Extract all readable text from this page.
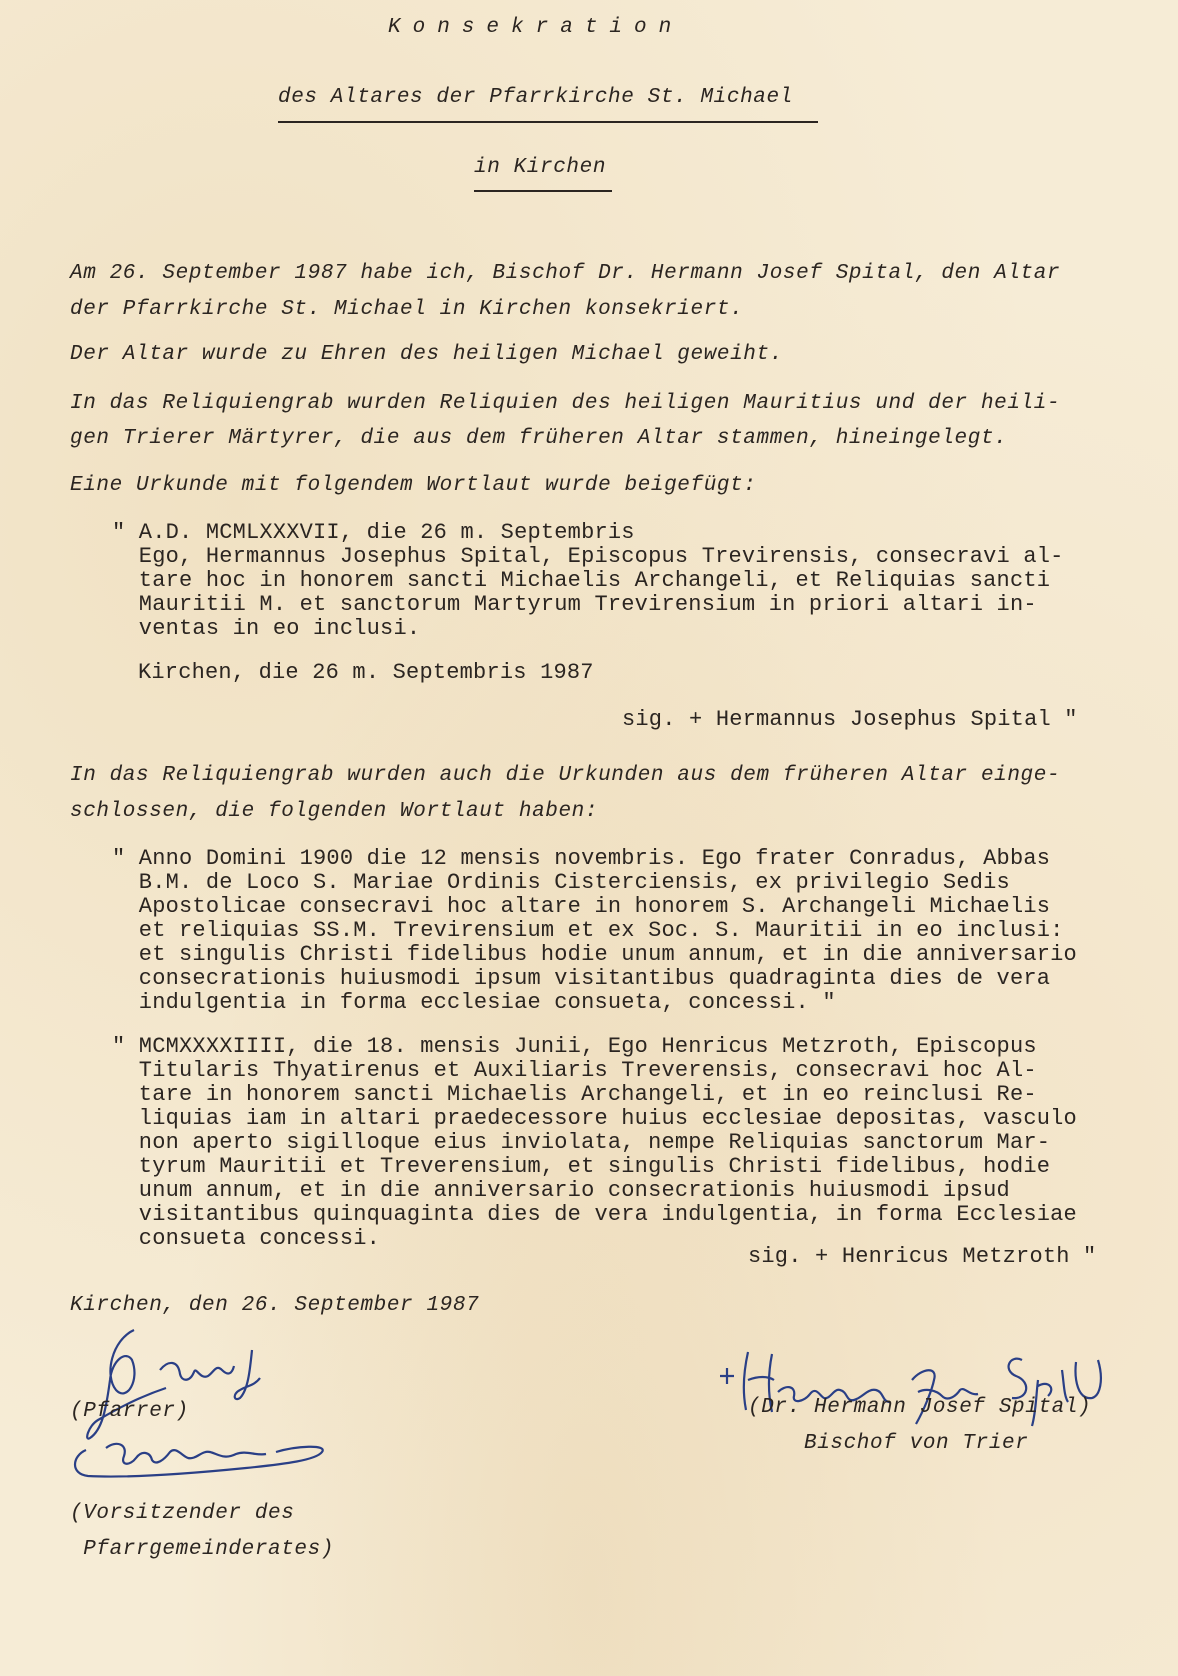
Konsekration
des Altares der Pfarrkirche St. Michael
in Kirchen
Am 26. September 1987 habe ich, Bischof Dr. Hermann Josef Spital, den Altar
der Pfarrkirche St. Michael in Kirchen konsekriert.
Der Altar wurde zu Ehren des heiligen Michael geweiht.
In das Reliquiengrab wurden Reliquien des heiligen Mauritius und der heili-
gen Trierer Märtyrer, die aus dem früheren Altar stammen, hineingelegt.
Eine Urkunde mit folgendem Wortlaut wurde beigefügt:
" A.D. MCMLXXXVII, die 26 m. Septembris
Ego, Hermannus Josephus Spital, Episcopus Trevirensis, consecravi al-
tare hoc in honorem sancti Michaelis Archangeli, et Reliquias sancti
Mauritii M. et sanctorum Martyrum Trevirensium in priori altari in-
ventas in eo inclusi.
Kirchen, die 26 m. Septembris 1987
sig. + Hermannus Josephus Spital "
In das Reliquiengrab wurden auch die Urkunden aus dem früheren Altar einge-
schlossen, die folgenden Wortlaut haben:
" Anno Domini 1900 die 12 mensis novembris. Ego frater Conradus, Abbas
B.M. de Loco S. Mariae Ordinis Cisterciensis, ex privilegio Sedis
Apostolicae consecravi hoc altare in honorem S. Archangeli Michaelis
et reliquias SS.M. Trevirensium et ex Soc. S. Mauritii in eo inclusi:
et singulis Christi fidelibus hodie unum annum, et in die anniversario
consecrationis huiusmodi ipsum visitantibus quadraginta dies de vera
indulgentia in forma ecclesiae consueta, concessi. "
" MCMXXXXIIII, die 18. mensis Junii, Ego Henricus Metzroth, Episcopus
Titularis Thyatirenus et Auxiliaris Treverensis, consecravi hoc Al-
tare in honorem sancti Michaelis Archangeli, et in eo reinclusi Re-
liquias iam in altari praedecessore huius ecclesiae depositas, vasculo
non aperto sigilloque eius inviolata, nempe Reliquias sanctorum Mar-
tyrum Mauritii et Treverensium, et singulis Christi fidelibus, hodie
unum annum, et in die anniversario consecrationis huiusmodi ipsud
visitantibus quinquaginta dies de vera indulgentia, in forma Ecclesiae
consueta concessi.
sig. + Henricus Metzroth "
Kirchen, den 26. September 1987
(Pfarrer)
(Vorsitzender des
Pfarrgemeinderates)
(Dr. Hermann Josef Spital)
Bischof von Trier
